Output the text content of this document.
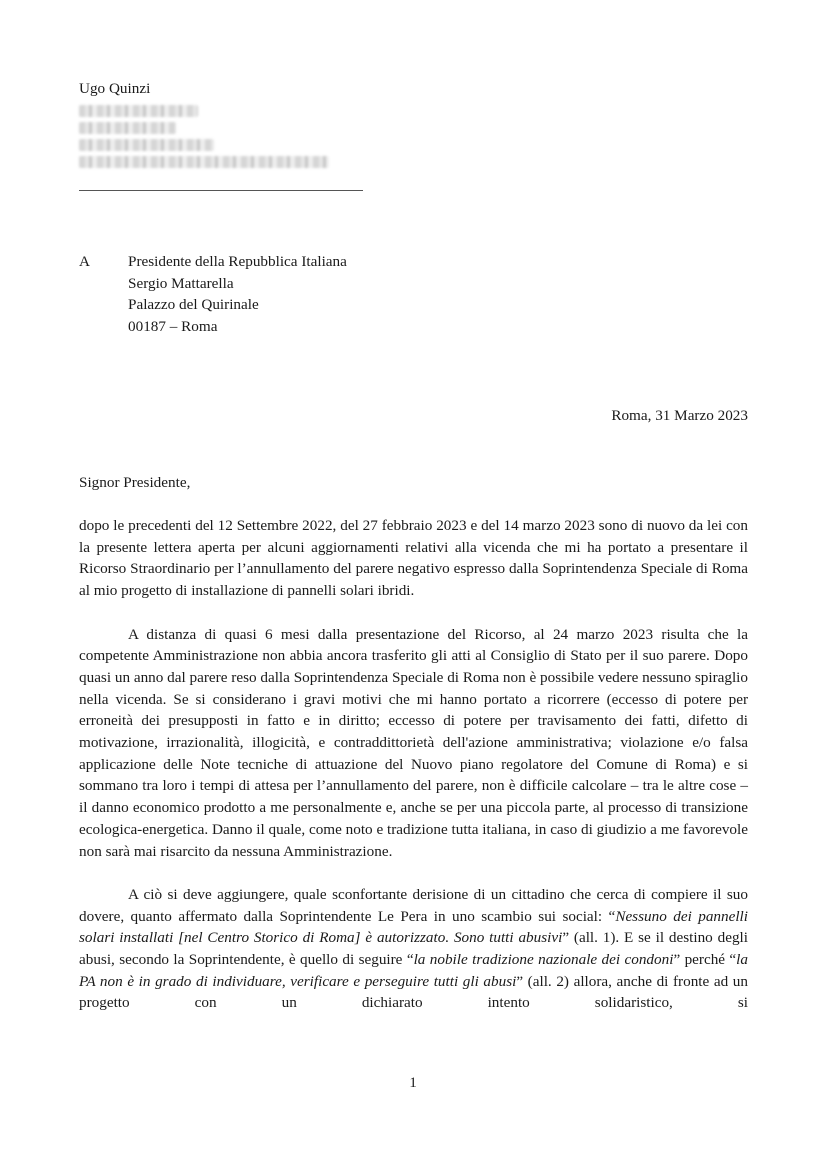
Ugo Quinzi
A	Presidente della Repubblica Italiana
Sergio Mattarella
Palazzo del Quirinale
00187 – Roma
Roma, 31 Marzo 2023
Signor Presidente,

dopo le precedenti del 12 Settembre 2022, del 27 febbraio 2023 e del 14 marzo 2023 sono di nuovo da lei con la presente lettera aperta per alcuni aggiornamenti relativi alla vicenda che mi ha portato a presentare il Ricorso Straordinario per l’annullamento del parere negativo espresso dalla Soprintendenza Speciale di Roma al mio progetto di installazione di pannelli solari ibridi.

A distanza di quasi 6 mesi dalla presentazione del Ricorso, al 24 marzo 2023 risulta che la competente Amministrazione non abbia ancora trasferito gli atti al Consiglio di Stato per il suo parere. Dopo quasi un anno dal parere reso dalla Soprintendenza Speciale di Roma non è possibile vedere nessuno spiraglio nella vicenda. Se si considerano i gravi motivi che mi hanno portato a ricorrere (eccesso di potere per erroneità dei presupposti in fatto e in diritto; eccesso di potere per travisamento dei fatti, difetto di motivazione, irrazionalità, illogicità, e contraddittorietà dell'azione amministrativa; violazione e/o falsa applicazione delle Note tecniche di attuazione del Nuovo piano regolatore del Comune di Roma) e si sommano tra loro i tempi di attesa per l’annullamento del parere, non è difficile calcolare – tra le altre cose – il danno economico prodotto a me personalmente e, anche se per una piccola parte, al processo di transizione ecologica-energetica. Danno il quale, come noto e tradizione tutta italiana, in caso di giudizio a me favorevole non sarà mai risarcito da nessuna Amministrazione.

A ciò si deve aggiungere, quale sconfortante derisione di un cittadino che cerca di compiere il suo dovere, quanto affermato dalla Soprintendente Le Pera in uno scambio sui social: “Nessuno dei pannelli solari installati [nel Centro Storico di Roma] è autorizzato. Sono tutti abusivi” (all. 1). E se il destino degli abusi, secondo la Soprintendente, è quello di seguire “la nobile tradizione nazionale dei condoni” perché “la PA non è in grado di individuare, verificare e perseguire tutti gli abusi” (all. 2) allora, anche di fronte ad un progetto con un dichiarato intento solidaristico, si

1
